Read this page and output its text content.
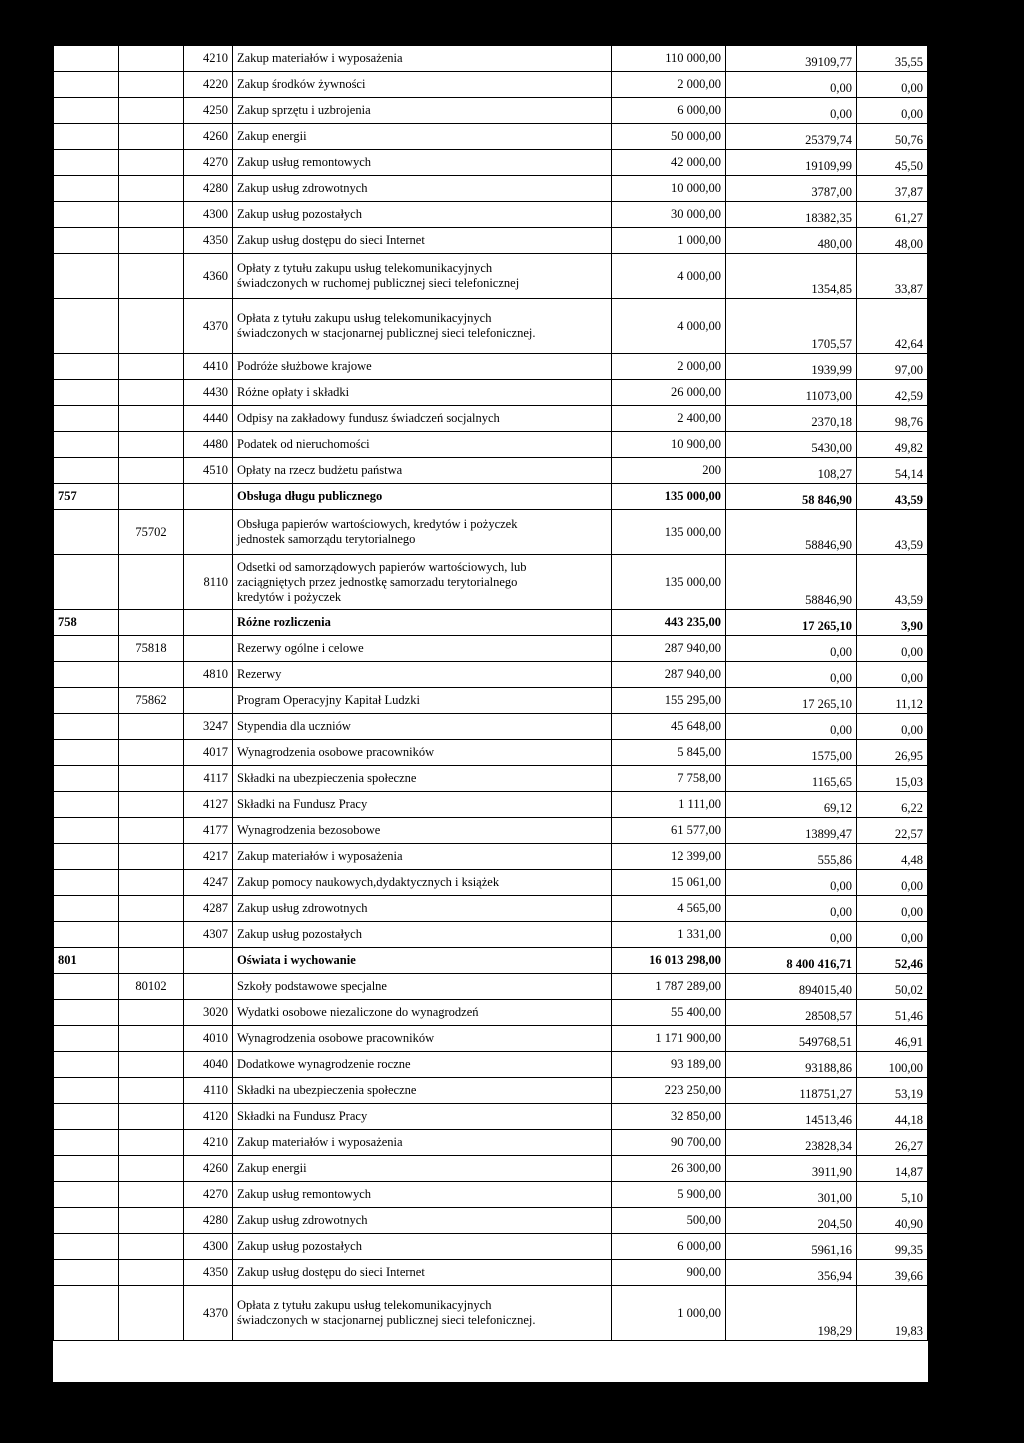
		4210	Zakup materiałów i wyposażenia	110 000,00	39109,77	35,55
		4220	Zakup środków żywności	2 000,00	0,00	0,00
		4250	Zakup sprzętu i uzbrojenia	6 000,00	0,00	0,00
		4260	Zakup energii	50 000,00	25379,74	50,76
		4270	Zakup usług remontowych	42 000,00	19109,99	45,50
		4280	Zakup usług zdrowotnych	10 000,00	3787,00	37,87
		4300	Zakup usług pozostałych	30 000,00	18382,35	61,27
		4350	Zakup usług dostępu do sieci Internet	1 000,00	480,00	48,00
		4360	Opłaty z tytułu zakupu usług telekomunikacyjnych
świadczonych w ruchomej publicznej sieci telefonicznej	4 000,00	1354,85	33,87
		4370	Opłata z tytułu zakupu usług telekomunikacyjnych
świadczonych w stacjonarnej publicznej sieci telefonicznej.	4 000,00	1705,57	42,64
		4410	Podróże służbowe krajowe	2 000,00	1939,99	97,00
		4430	Różne opłaty i składki	26 000,00	11073,00	42,59
		4440	Odpisy na zakładowy fundusz świadczeń socjalnych	2 400,00	2370,18	98,76
		4480	Podatek od nieruchomości	10 900,00	5430,00	49,82
		4510	Opłaty na rzecz budżetu państwa	200	108,27	54,14
757			Obsługa długu publicznego	135 000,00	58 846,90	43,59
	75702		Obsługa papierów wartościowych, kredytów i pożyczek
jednostek samorządu terytorialnego	135 000,00	58846,90	43,59
		8110	Odsetki od samorządowych papierów wartościowych, lub
zaciągniętych przez jednostkę samorzadu terytorialnego
kredytów i pożyczek	135 000,00	58846,90	43,59
758			Różne rozliczenia	443 235,00	17 265,10	3,90
	75818		Rezerwy ogólne i celowe	287 940,00	0,00	0,00
		4810	Rezerwy	287 940,00	0,00	0,00
	75862		Program Operacyjny Kapitał Ludzki	155 295,00	17 265,10	11,12
		3247	Stypendia dla uczniów	45 648,00	0,00	0,00
		4017	Wynagrodzenia osobowe pracowników	5 845,00	1575,00	26,95
		4117	Składki na ubezpieczenia społeczne	7 758,00	1165,65	15,03
		4127	Składki na Fundusz Pracy	1 111,00	69,12	6,22
		4177	Wynagrodzenia bezosobowe	61 577,00	13899,47	22,57
		4217	Zakup materiałów i wyposażenia	12 399,00	555,86	4,48
		4247	Zakup pomocy naukowych,dydaktycznych i książek	15 061,00	0,00	0,00
		4287	Zakup usług zdrowotnych	4 565,00	0,00	0,00
		4307	Zakup usług pozostałych	1 331,00	0,00	0,00
801			Oświata i wychowanie	16 013 298,00	8 400 416,71	52,46
	80102		Szkoły podstawowe specjalne	1 787 289,00	894015,40	50,02
		3020	Wydatki osobowe niezaliczone do wynagrodzeń	55 400,00	28508,57	51,46
		4010	Wynagrodzenia osobowe pracowników	1 171 900,00	549768,51	46,91
		4040	Dodatkowe wynagrodzenie roczne	93 189,00	93188,86	100,00
		4110	Składki na ubezpieczenia społeczne	223 250,00	118751,27	53,19
		4120	Składki na Fundusz Pracy	32 850,00	14513,46	44,18
		4210	Zakup materiałów i wyposażenia	90 700,00	23828,34	26,27
		4260	Zakup energii	26 300,00	3911,90	14,87
		4270	Zakup usług remontowych	5 900,00	301,00	5,10
		4280	Zakup usług zdrowotnych	500,00	204,50	40,90
		4300	Zakup usług pozostałych	6 000,00	5961,16	99,35
		4350	Zakup usług dostępu do sieci Internet	900,00	356,94	39,66
		4370	Opłata z tytułu zakupu usług telekomunikacyjnych
świadczonych w stacjonarnej publicznej sieci telefonicznej.	1 000,00	198,29	19,83
